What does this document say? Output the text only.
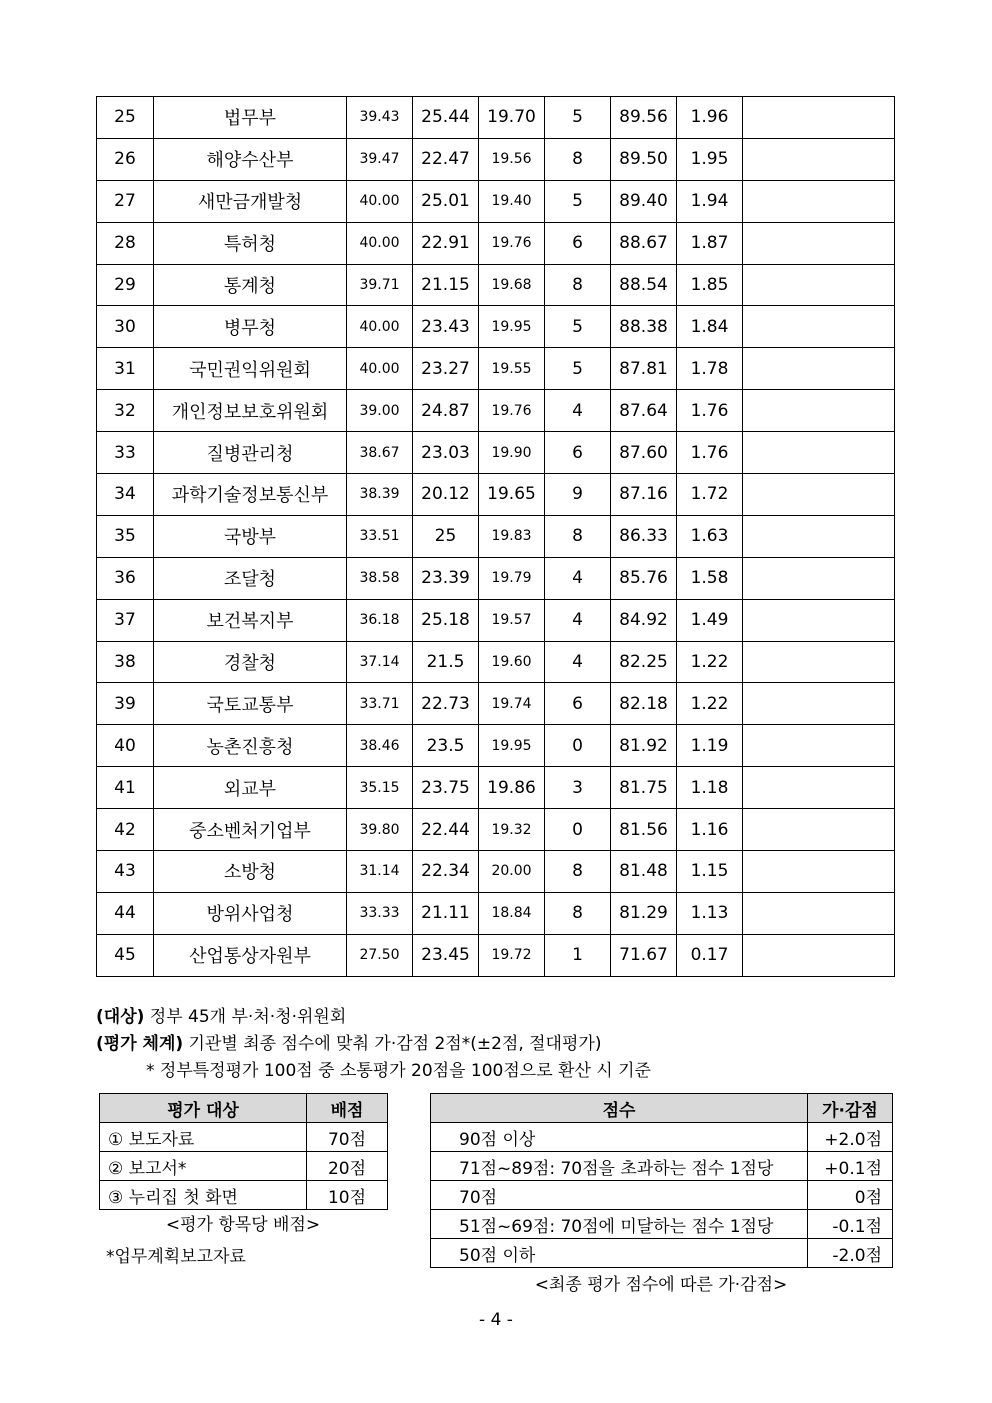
25	법무부	39.43	25.44	19.70	5	89.56	1.96	
26	해양수산부	39.47	22.47	19.56	8	89.50	1.95	
27	새만금개발청	40.00	25.01	19.40	5	89.40	1.94	
28	특허청	40.00	22.91	19.76	6	88.67	1.87	
29	통계청	39.71	21.15	19.68	8	88.54	1.85	
30	병무청	40.00	23.43	19.95	5	88.38	1.84	
31	국민권익위원회	40.00	23.27	19.55	5	87.81	1.78	
32	개인정보보호위원회	39.00	24.87	19.76	4	87.64	1.76	
33	질병관리청	38.67	23.03	19.90	6	87.60	1.76	
34	과학기술정보통신부	38.39	20.12	19.65	9	87.16	1.72	
35	국방부	33.51	25	19.83	8	86.33	1.63	
36	조달청	38.58	23.39	19.79	4	85.76	1.58	
37	보건복지부	36.18	25.18	19.57	4	84.92	1.49	
38	경찰청	37.14	21.5	19.60	4	82.25	1.22	
39	국토교통부	33.71	22.73	19.74	6	82.18	1.22	
40	농촌진흥청	38.46	23.5	19.95	0	81.92	1.19	
41	외교부	35.15	23.75	19.86	3	81.75	1.18	
42	중소벤처기업부	39.80	22.44	19.32	0	81.56	1.16	
43	소방청	31.14	22.34	20.00	8	81.48	1.15	
44	방위사업청	33.33	21.11	18.84	8	81.29	1.13	
45	산업통상자원부	27.50	23.45	19.72	1	71.67	0.17	
(대상) 정부 45개 부·처·청·위원회
(평가 체계) 기관별 최종 점수에 맞춰 가·감점 2점*(±2점, 절대평가)
* 정부특정평가 100점 중 소통평가 20점을 100점으로 환산 시 기준
평가 대상	배점
① 보도자료	70점
② 보고서*	20점
③ 누리집 첫 화면	10점
<평가 항목당 배점>
*업무계획보고자료
점수	가·감점
90점 이상	+2.0점
71점~89점: 70점을 초과하는 점수 1점당	+0.1점
70점	0점
51점~69점: 70점에 미달하는 점수 1점당	-0.1점
50점 이하	-2.0점
<최종 평가 점수에 따른 가·감점>
- 4 -
